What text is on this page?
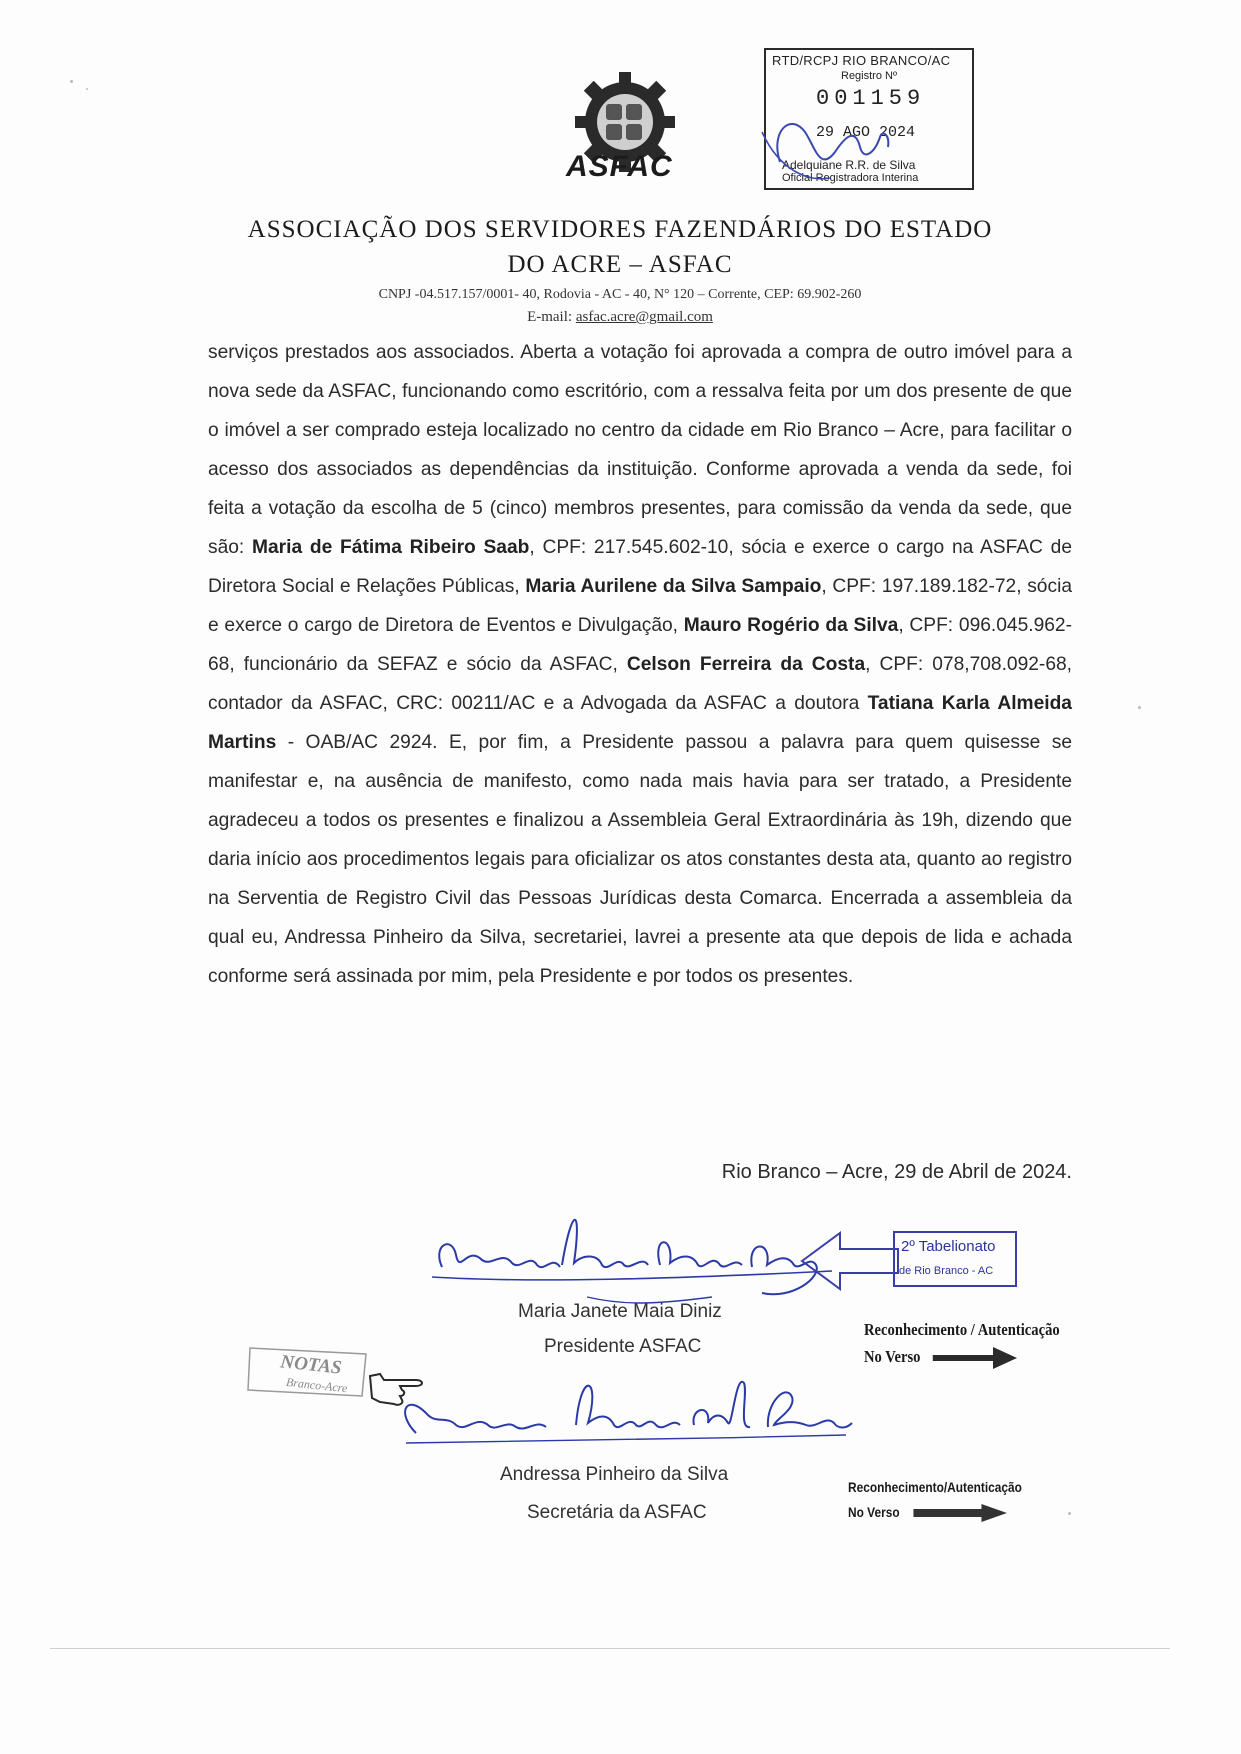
ASFAC
RTD/RCPJ RIO BRANCO/AC
Registro Nº
001159
29 AGO 2024
Adelquiane R.R. de Silva
Oficial Registradora Interina
ASSOCIAÇÃO DOS SERVIDORES FAZENDÁRIOS DO ESTADO
DO ACRE – ASFAC
CNPJ -04.517.157/0001- 40, Rodovia - AC - 40, N° 120 – Corrente, CEP: 69.902-260
E-mail: asfac.acre@gmail.com
serviços prestados aos associados. Aberta a votação foi aprovada a compra de outro imóvel para a nova sede da ASFAC, funcionando como escritório, com a ressalva feita por um dos presente de que o imóvel a ser comprado esteja localizado no centro da cidade em Rio Branco – Acre, para facilitar o acesso dos associados as dependências da instituição. Conforme aprovada a venda da sede, foi feita a votação da escolha de 5 (cinco) membros presentes, para comissão da venda da sede, que são: Maria de Fátima Ribeiro Saab, CPF: 217.545.602-10, sócia e exerce o cargo na ASFAC de Diretora Social e Relações Públicas, Maria Aurilene da Silva Sampaio, CPF: 197.189.182-72, sócia e exerce o cargo de Diretora de Eventos e Divulgação, Mauro Rogério da Silva, CPF: 096.045.962-68, funcionário da SEFAZ e sócio da ASFAC, Celson Ferreira da Costa, CPF: 078,708.092-68, contador da ASFAC, CRC: 00211/AC e a Advogada da ASFAC a doutora Tatiana Karla Almeida Martins - OAB/AC 2924. E, por fim, a Presidente passou a palavra para quem quisesse se manifestar e, na ausência de manifesto, como nada mais havia para ser tratado, a Presidente agradeceu a todos os presentes e finalizou a Assembleia Geral Extraordinária às 19h, dizendo que daria início aos procedimentos legais para oficializar os atos constantes desta ata, quanto ao registro na Serventia de Registro Civil das Pessoas Jurídicas desta Comarca. Encerrada a assembleia da qual eu, Andressa Pinheiro da Silva, secretariei, lavrei a presente ata que depois de lida e achada conforme será assinada por mim, pela Presidente e por todos os presentes.
Rio Branco – Acre, 29 de Abril de 2024.
Maria Janete Maia Diniz
Maria Janete Maia Diniz
Presidente ASFAC
2º Tabelionato
de Rio Branco - AC
Reconhecimento / Autenticação
No Verso
NOTAS
Branco-Acre
Andressa Pinheiro da Silva
Andressa Pinheiro da Silva
Secretária da ASFAC
Reconhecimento/Autenticação
No Verso
